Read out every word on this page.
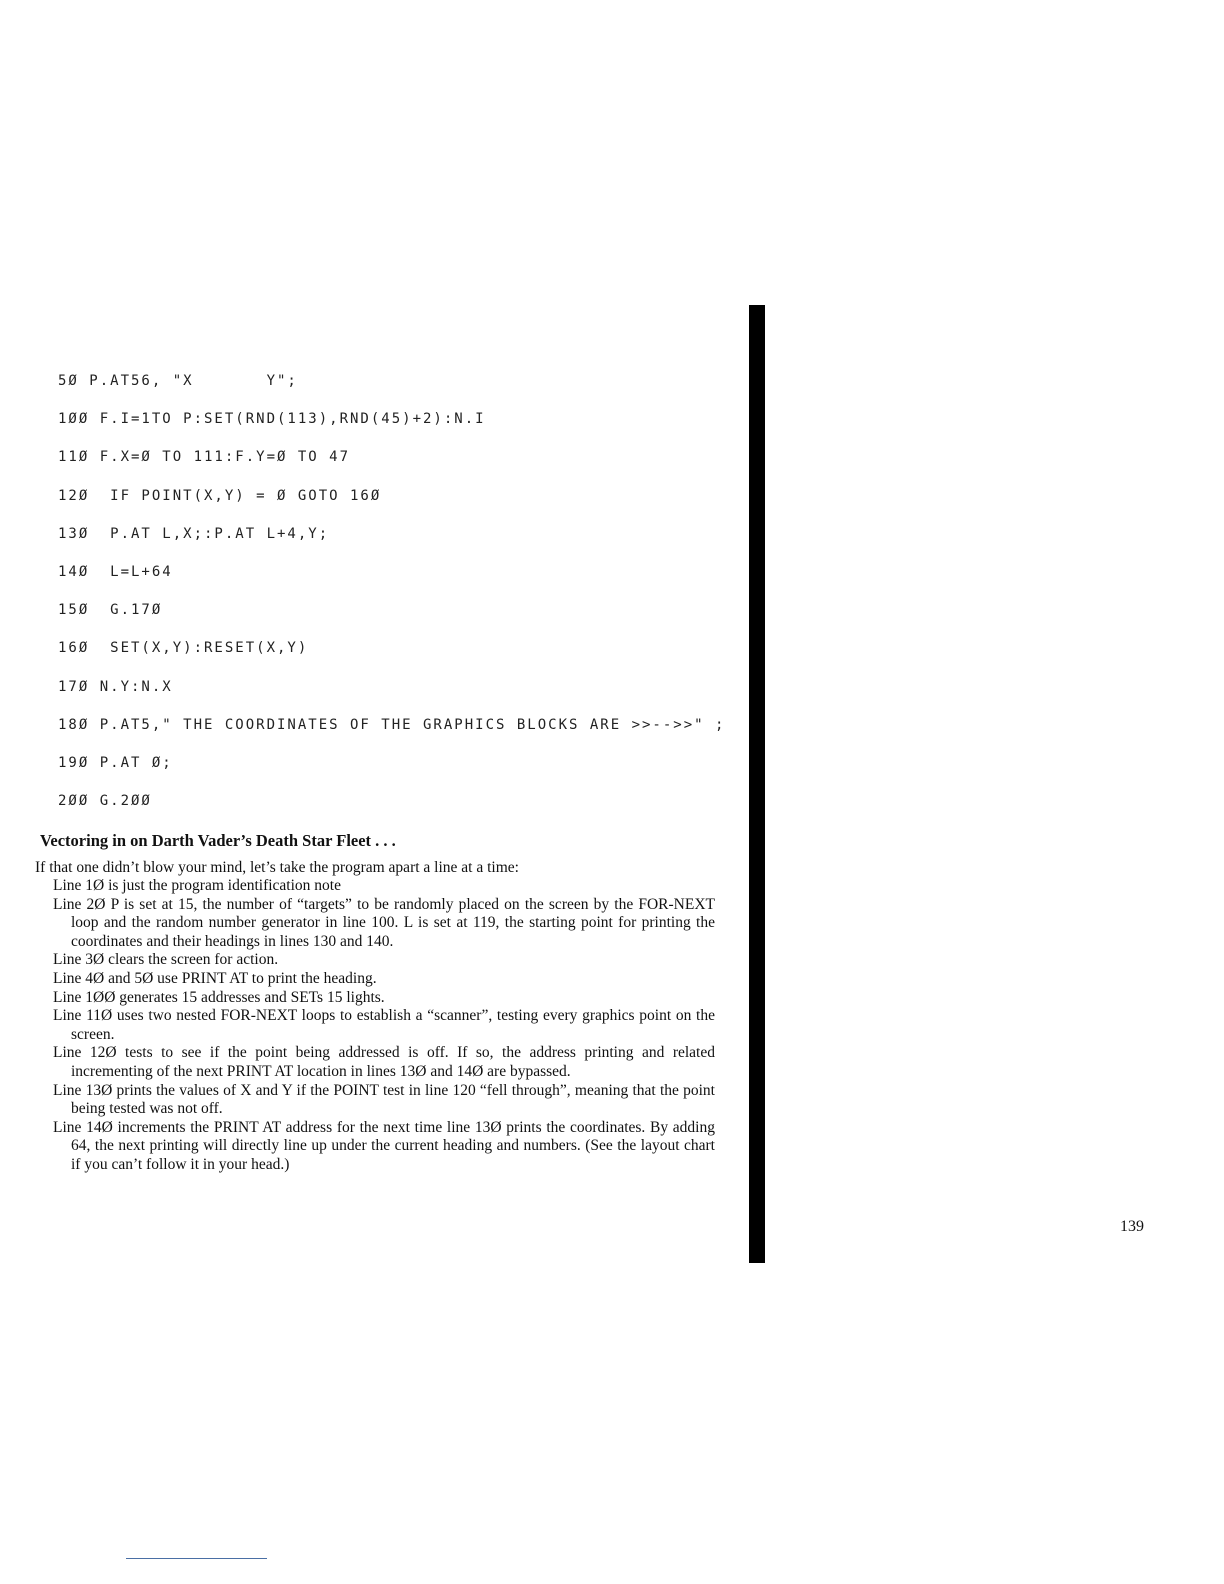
5Ø P.AT56, "X       Y";
1ØØ F.I=1TO P:SET(RND(113),RND(45)+2):N.I
11Ø F.X=Ø TO 111:F.Y=Ø TO 47
12Ø  IF POINT(X,Y) = Ø GOTO 16Ø
13Ø  P.AT L,X;:P.AT L+4,Y;
14Ø  L=L+64
15Ø  G.17Ø
16Ø  SET(X,Y):RESET(X,Y)
17Ø N.Y:N.X
18Ø P.AT5," THE COORDINATES OF THE GRAPHICS BLOCKS ARE >>-->>" ;
19Ø P.AT Ø;
2ØØ G.2ØØ
Vectoring in on Darth Vader’s Death Star Fleet . . .

If that one didn’t blow your mind, let’s take the program apart a line at a time:

Line 1Ø is just the program identification note
Line 2Ø P is set at 15, the number of “targets” to be randomly placed on the screen by the FOR-NEXT loop and the random number generator in line 100. L is set at 119, the starting point for printing the coordinates and their headings in lines 130 and 140.
Line 3Ø clears the screen for action.
Line 4Ø and 5Ø use PRINT AT to print the heading.
Line 1ØØ generates 15 addresses and SETs 15 lights.
Line 11Ø uses two nested FOR-NEXT loops to establish a “scanner”, testing every graphics point on the screen.
Line 12Ø tests to see if the point being addressed is off. If so, the address printing and related incrementing of the next PRINT AT location in lines 13Ø and 14Ø are bypassed.
Line 13Ø prints the values of X and Y if the POINT test in line 120 “fell through”, meaning that the point being tested was not off.
Line 14Ø increments the PRINT AT address for the next time line 13Ø prints the coordinates. By adding 64, the next printing will directly line up under the current heading and numbers. (See the layout chart if you can’t follow it in your head.)
139
